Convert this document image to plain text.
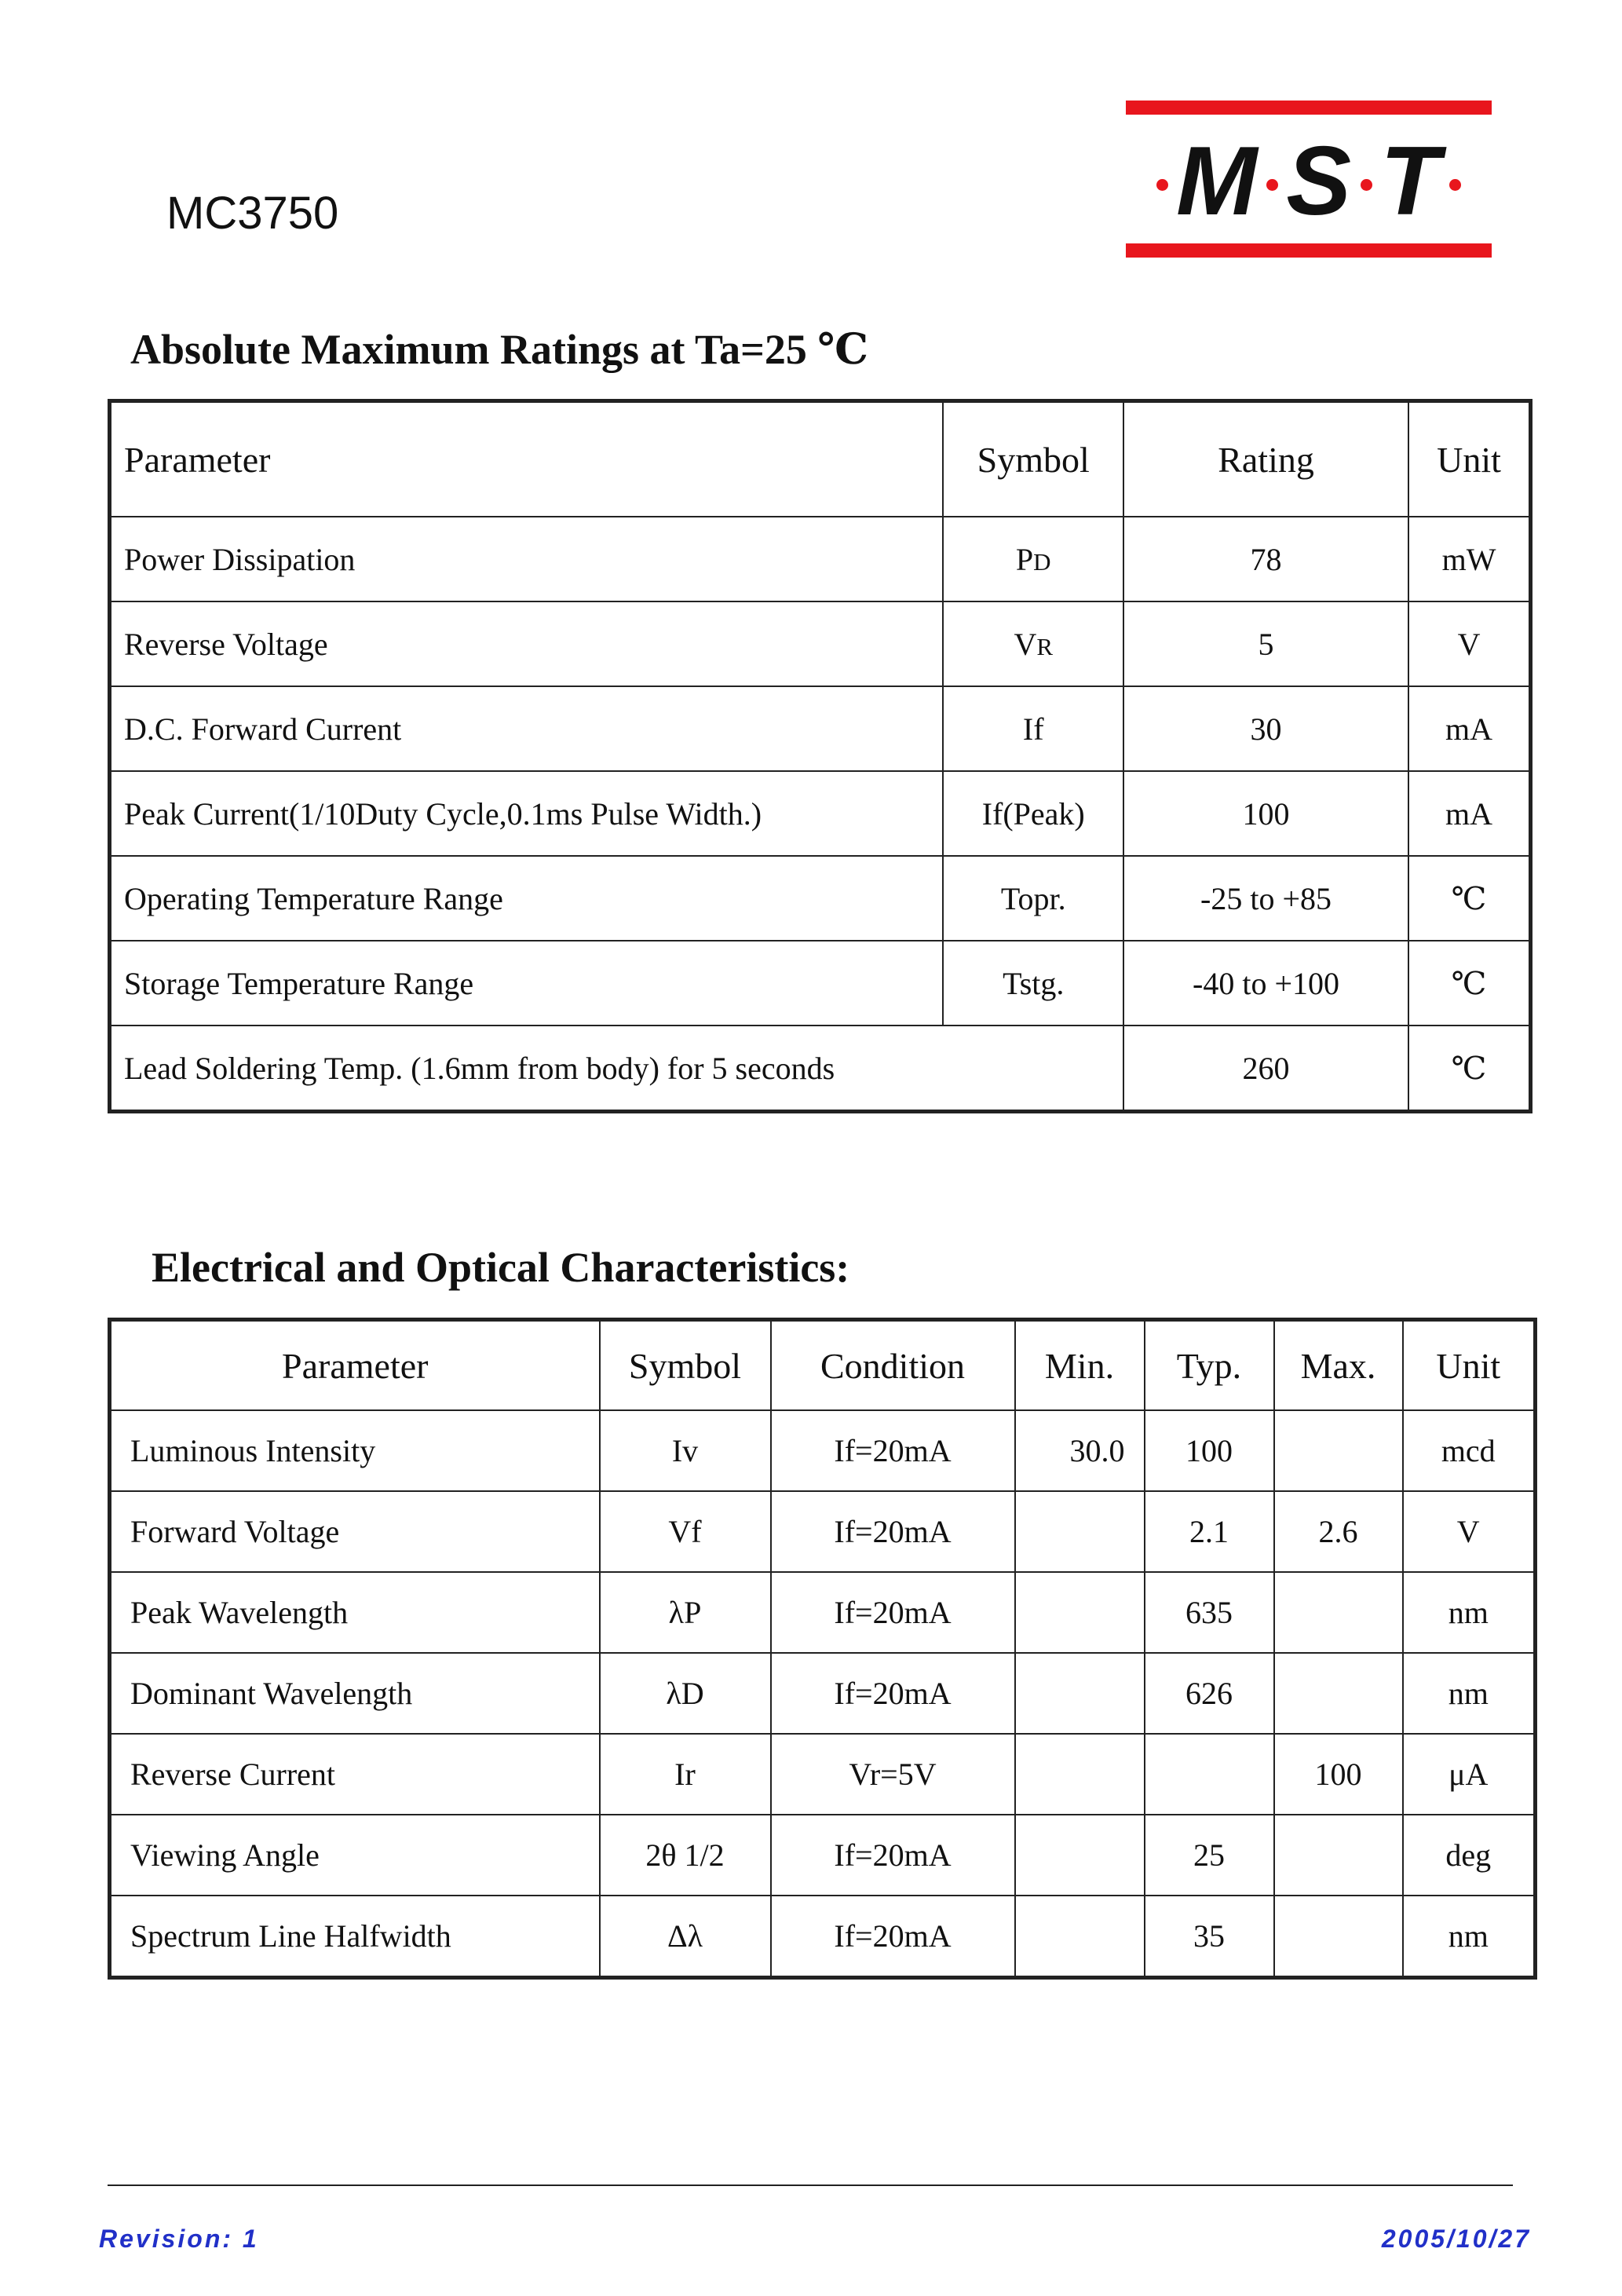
MC3750	M S T
Absolute Maximum Ratings at Ta=25 ℃
Parameter	Symbol	Rating	Unit
Power Dissipation	PD	78	mW
Reverse Voltage	VR	5	V
D.C. Forward Current	If	30	mA
Peak Current(1/10Duty Cycle,0.1ms Pulse Width.)	If(Peak)	100	mA
Operating Temperature Range	Topr.	-25 to +85	℃
Storage Temperature Range	Tstg.	-40 to +100	℃
Lead Soldering Temp. (1.6mm from body) for 5 seconds		260	℃
Electrical and Optical Characteristics:
Parameter	Symbol	Condition	Min.	Typ.	Max.	Unit
Luminous Intensity	Iv	If=20mA	30.0	100		mcd
Forward Voltage	Vf	If=20mA		2.1	2.6	V
Peak Wavelength	λP	If=20mA		635		nm
Dominant Wavelength	λD	If=20mA		626		nm
Reverse Current	Ir	Vr=5V			100	μA
Viewing Angle	2θ 1/2	If=20mA		25		deg
Spectrum Line Halfwidth	Δλ	If=20mA		35		nm
Revision: 1	2005/10/27
